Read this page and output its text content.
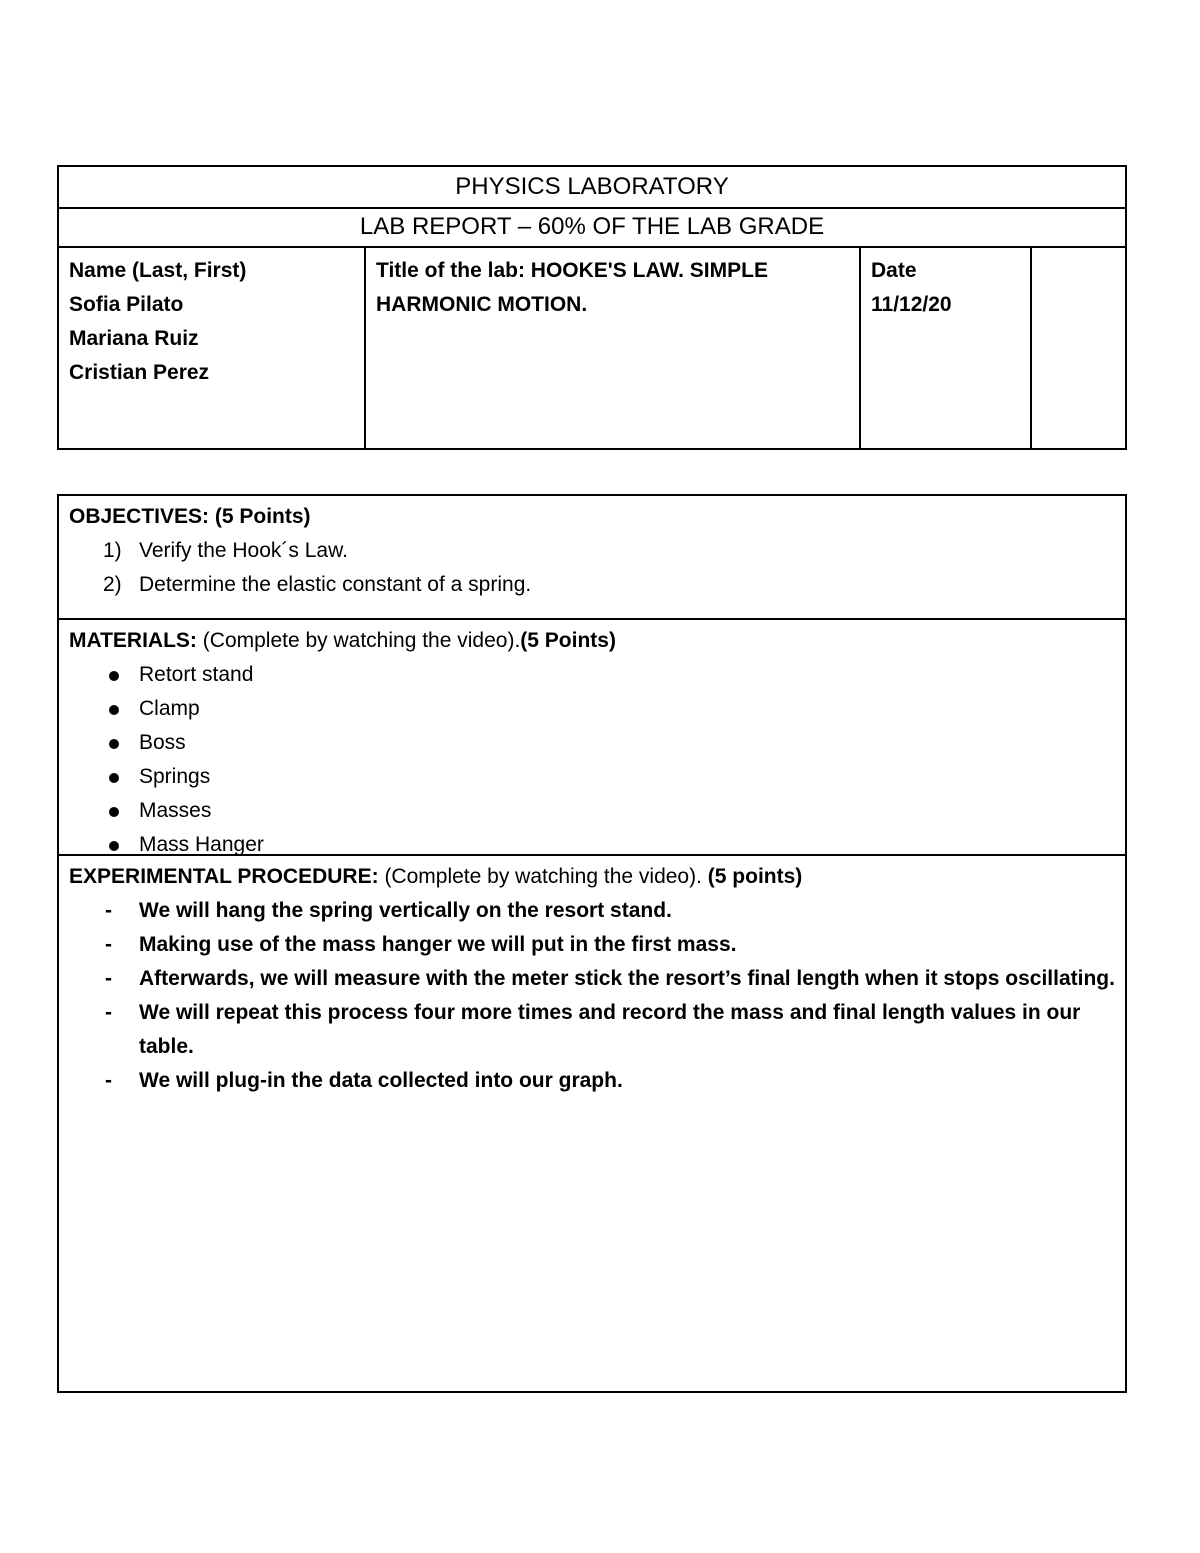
PHYSICS LABORATORY
LAB REPORT – 60% OF THE LAB GRADE
Name (Last, First)
Sofia Pilato
Mariana Ruiz
Cristian Perez
Title of the lab: HOOKE'S LAW. SIMPLE
HARMONIC MOTION.
Date
11/12/20
OBJECTIVES: (5 Points)
1) Verify the Hook´s Law.
2) Determine the elastic constant of a spring.
MATERIALS: (Complete by watching the video).(5 Points)
Retort stand
Clamp
Boss
Springs
Masses
Mass Hanger
EXPERIMENTAL PROCEDURE: (Complete by watching the video). (5 points)
- We will hang the spring vertically on the resort stand.
- Making use of the mass hanger we will put in the first mass.
- Afterwards, we will measure with the meter stick the resort’s final length when it stops oscillating.
- We will repeat this process four more times and record the mass and final length values in our table.
- We will plug-in the data collected into our graph.
